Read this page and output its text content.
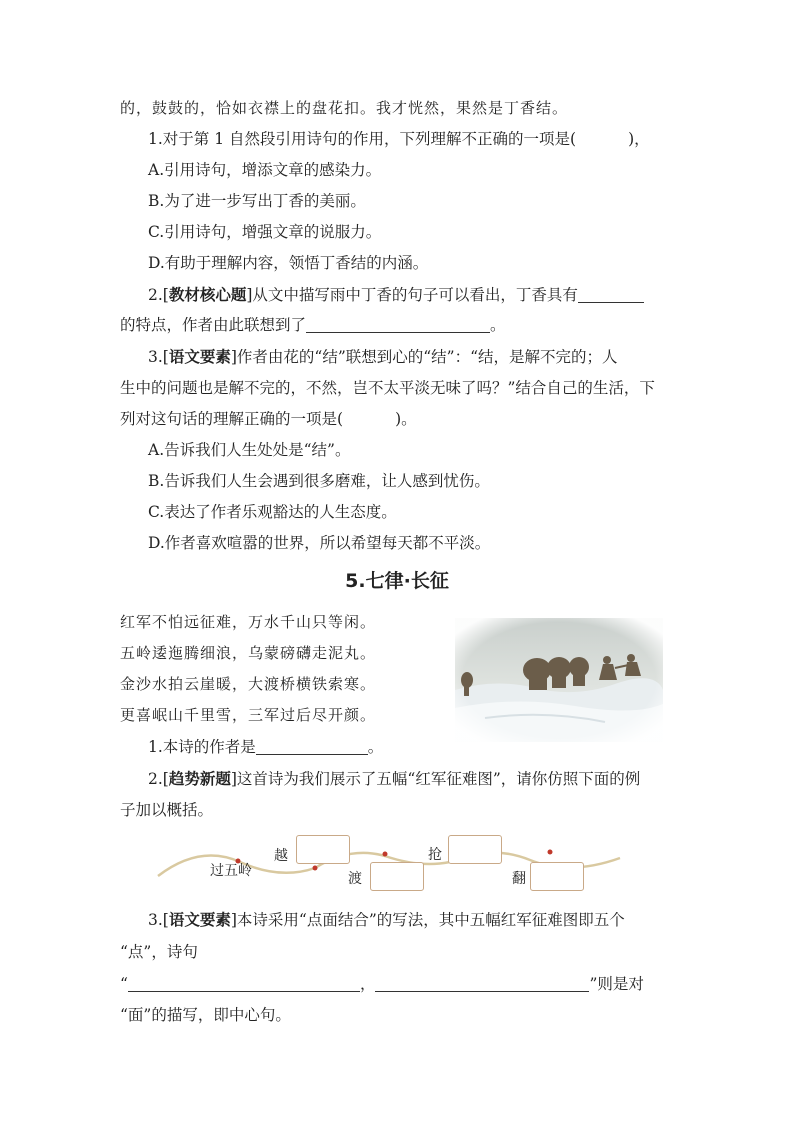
的，鼓鼓的，恰如衣襟上的盘花扣。我才恍然，果然是丁香结。
1.对于第 1 自然段引用诗句的作用，下列理解不正确的一项是(	)，
A.引用诗句，增添文章的感染力。
B.为了进一步写出丁香的美丽。
C.引用诗句，增强文章的说服力。
D.有助于理解内容，领悟丁香结的内涵。
2.[教材核心题]从文中描写雨中丁香的句子可以看出，丁香具有
的特点，作者由此联想到了	。
3.[语文要素]作者由花的“结”联想到心的“结”：“结，是解不完的；人
生中的问题也是解不完的，不然，岂不太平淡无味了吗？”结合自己的生活，下
列对这句话的理解正确的一项是(	)。
A.告诉我们人生处处是“结”。
B.告诉我们人生会遇到很多磨难，让人感到忧伤。
C.表达了作者乐观豁达的人生态度。
D.作者喜欢喧嚣的世界，所以希望每天都不平淡。
5.七律·长征
红军不怕远征难，万水千山只等闲。
五岭逶迤腾细浪，乌蒙磅礴走泥丸。
金沙水拍云崖暖，大渡桥横铁索寒。
更喜岷山千里雪，三军过后尽开颜。
1.本诗的作者是	。
2.[趋势新题]这首诗为我们展示了五幅“红军征难图”，请你仿照下面的例
子加以概括。
过五岭
越
渡
抢
翻
3.[语文要素]本诗采用“点面结合”的写法，其中五幅红军征难图即五个
“点”，诗句
“	，	”则是对
“面”的描写，即中心句。
